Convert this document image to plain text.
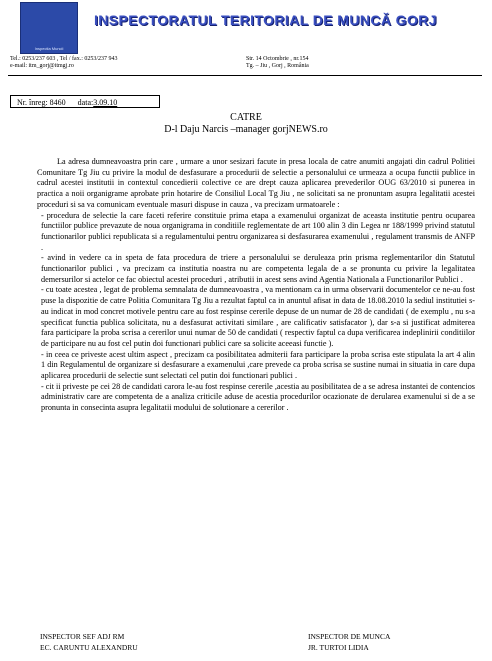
Inspectia Muncii
INSPECTORATUL TERITORIAL DE MUNCĂ GORJ
Tel.: 0253/237 603 , Tel / fax.: 0253/237 943
e-mail: itm_gorj@itmgj.ro
Str. 14 Octombrie , nr.154
Tg. – Jiu , Gorj , România
Nr. înreg: 8460 data:3.09.10
CATRE
D-l Daju Narcis –manager gorjNEWS.ro

La adresa dumneavoastra prin care , urmare a unor sesizari facute in presa locala de catre anumiti angajati din cadrul Politiei Comunitare Tg Jiu cu privire la modul de desfasurare a procedurii de selectie a personalului ce urmeaza a ocupa functii publice in cadrul acestei institutii in contextul concedierii colective ce are drept cauza aplicarea prevederilor OUG 63/2010 si punerea in practica a noii organigrame aprobate prin hotarire de Consiliul Local Tg Jiu , ne solicitati sa ne pronuntam asupra legalitatii acestei proceduri si sa va comunicam eventuale masuri dispuse in cauza , va precizam urmatoarele :

- procedura de selectie la care faceti referire constituie prima etapa a examenului organizat de aceasta institutie pentru ocuparea functiilor publice prevazute de noua organigrama in conditiile reglementate de art 100 alin 3 din Legea nr 188/1999 privind statutul functionarilor publici republicata si a regulamentului pentru organizarea si desfasurarea examenului , regulament transmis de ANFP .

- avind in vedere ca in speta de fata procedura de triere a personalului se deruleaza prin prisma reglementarilor din Statutul functionarilor publici , va precizam ca institutia noastra nu are competenta legala de a se pronunta cu privire la legalitatea demersurilor si actelor ce fac obiectul acestei proceduri , atributii in acest sens avind Agentia Nationala a Functionarilor Publici .

- cu toate acestea , legat de problema semnalata de dumneavoastra , va mentionam ca in urma observarii documentelor ce ne-au fost puse la dispozitie de catre Politia Comunitara Tg Jiu a rezultat faptul ca in anuntul afisat in data de 18.08.2010 la sediul institutiei s-au indicat in mod concret motivele pentru care au fost respinse cererile depuse de un numar de 28 de candidati ( de exemplu , nu s-a specificat functia publica solicitata, nu a desfasurat activitati similare , are calificativ satisfacator ), dar s-a si justificat admiterea fara participare la proba scrisa a cererilor unui numar de 50 de candidati ( respectiv faptul ca dupa verificarea indeplinirii conditiilor de participare nu au fost cel putin doi functionari publici care sa solicite aceeasi functie ).

- in ceea ce priveste acest ultim aspect , precizam ca posibilitatea admiterii fara participare la proba scrisa este stipulata la art 4 alin 1 din Regulamentul de organizare si desfasurare a examenului ,care prevede ca proba scrisa se sustine numai in situatia in care dupa aplicarea procedurii de selectie sunt selectati cel putin doi functionari publici .

- cit ii priveste pe cei 28 de candidati carora le-au fost respinse cererile ,acestia au posibilitatea de a se adresa instantei de contencios administrativ care are competenta de a analiza criticile aduse de acestia procedurilor ocazionate de derularea examenului si de a se pronunta in consecinta asupra legalitatii modului de solutionare a cererilor .

INSPECTOR SEF ADJ RM
EC. CARUNTU ALEXANDRU
INSPECTOR DE MUNCA
JR. TURTOI LIDIA
